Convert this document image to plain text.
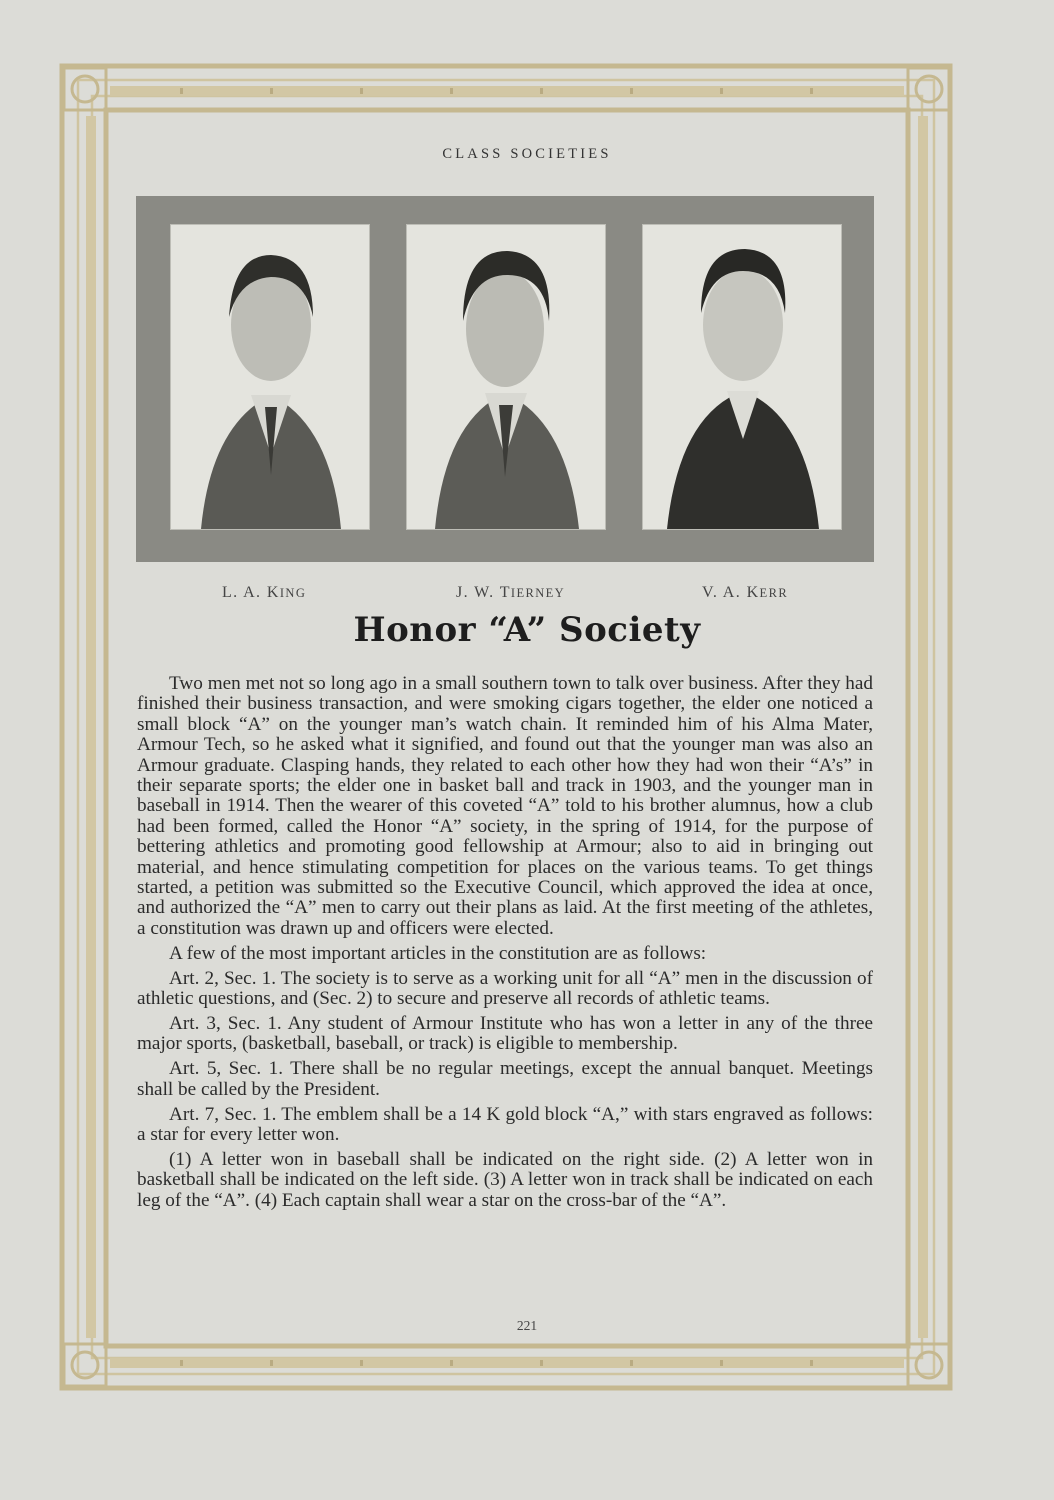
CLASS SOCIETIES
L. A. KING	J. W. TIERNEY	V. A. KERR
Honor “A” Society

Two men met not so long ago in a small southern town to talk over business. After they had finished their business transaction, and were smoking cigars together, the elder one noticed a small block “A” on the younger man’s watch chain. It reminded him of his Alma Mater, Armour Tech, so he asked what it signified, and found out that the younger man was also an Armour graduate. Clasping hands, they related to each other how they had won their “A’s” in their separate sports; the elder one in basket ball and track in 1903, and the younger man in baseball in 1914. Then the wearer of this coveted “A” told to his brother alumnus, how a club had been formed, called the Honor “A” society, in the spring of 1914, for the purpose of bettering athletics and promoting good fellowship at Armour; also to aid in bringing out material, and hence stimulating competition for places on the various teams. To get things started, a petition was submitted so the Executive Council, which approved the idea at once, and authorized the “A” men to carry out their plans as laid. At the first meeting of the athletes, a constitution was drawn up and officers were elected.

A few of the most important articles in the constitution are as follows:

Art. 2, Sec. 1. The society is to serve as a working unit for all “A” men in the discussion of athletic questions, and (Sec. 2) to secure and preserve all records of athletic teams.

Art. 3, Sec. 1. Any student of Armour Institute who has won a letter in any of the three major sports, (basketball, baseball, or track) is eligible to membership.

Art. 5, Sec. 1. There shall be no regular meetings, except the annual banquet. Meetings shall be called by the President.

Art. 7, Sec. 1. The emblem shall be a 14 K gold block “A,” with stars engraved as follows: a star for every letter won.

(1) A letter won in baseball shall be indicated on the right side. (2) A letter won in basketball shall be indicated on the left side. (3) A letter won in track shall be indicated on each leg of the “A”. (4) Each captain shall wear a star on the cross-bar of the “A”.

221
